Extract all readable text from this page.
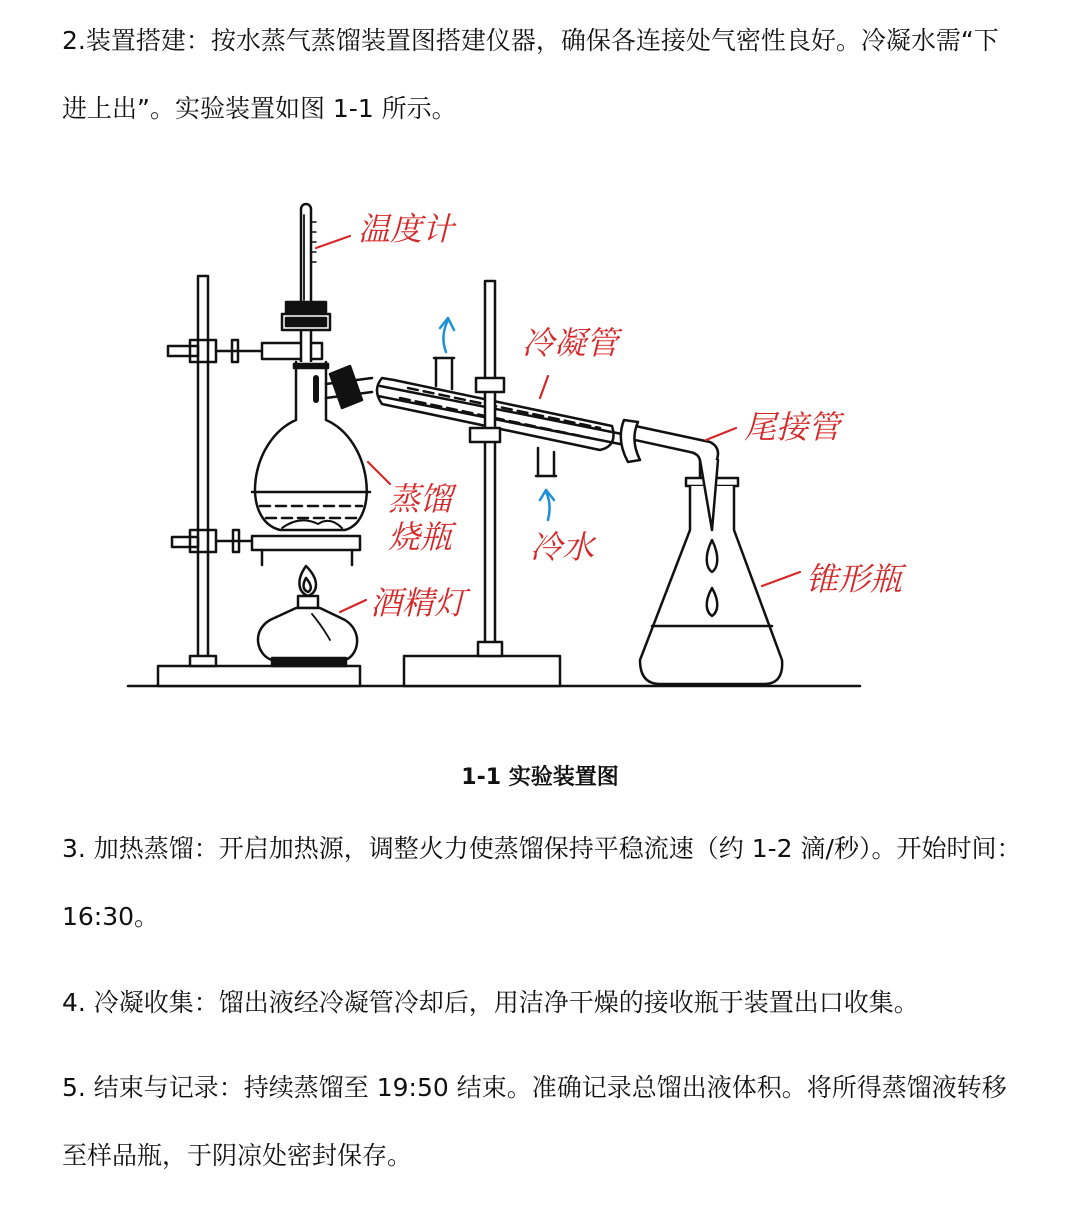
2.装置搭建：按水蒸气蒸馏装置图搭建仪器，确保各连接处气密性良好。冷凝水需“下进上出”。实验装置如图 1-1 所示。

温度计
冷凝管
尾接管
蒸馏
烧瓶 冷水
酒精灯
锥形瓶
1-1 实验装置图

3. 加热蒸馏：开启加热源，调整火力使蒸馏保持平稳流速（约 1-2 滴/秒）。开始时间：16:30。

4. 冷凝收集：馏出液经冷凝管冷却后，用洁净干燥的接收瓶于装置出口收集。

5. 结束与记录：持续蒸馏至 19:50 结束。准确记录总馏出液体积。将所得蒸馏液转移至样品瓶，于阴凉处密封保存。
